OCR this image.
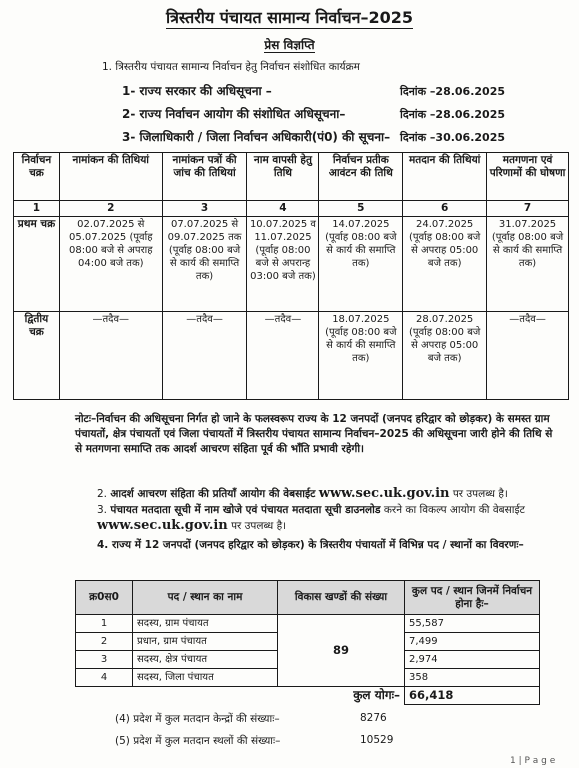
त्रिस्तरीय पंचायत सामान्य निर्वाचन–2025
प्रेस विज्ञप्ति
1. त्रिस्तरीय पंचायत सामान्य निर्वाचन हेतु निर्वाचन संशोधित कार्यक्रम
1- राज्य सरकार की अधिसूचना –	दिनांक –28.06.2025
2- राज्य निर्वाचन आयोग की संशोधित अधिसूचना–	दिनांक –28.06.2025
3- जिलाधिकारी / जिला निर्वाचन अधिकारी(पं0) की सूचना– दिनांक –30.06.2025
निर्वाचन चक्र	नामांकन की तिथियां	नामांकन पत्रों की जांच की तिथियां	नाम वापसी हेतु तिथि	निर्वाचन प्रतीक आवंटन की तिथि	मतदान की तिथियां	मतगणना एवं परिणामों की घोषणा
1	2	3	4	5	6	7
प्रथम चक्र	02.07.2025 से 05.07.2025 (पूर्वाह 08:00 बजे से अपराह 04:00 बजे तक)	07.07.2025 से 09.07.2025 तक (पूर्वाह 08:00 बजे से कार्य की समाप्ति तक)	10.07.2025 व 11.07.2025 (पूर्वाह 08:00 बजे से अपरान्ह 03:00 बजे तक)	14.07.2025 (पूर्वाह 08:00 बजे से कार्य की समाप्ति तक)	24.07.2025 (पूर्वाह 08:00 बजे से अपराह 05:00 बजे तक)	31.07.2025 (पूर्वाह 08:00 बजे से कार्य की समाप्ति तक)
द्वितीय चक्र	—तदैव—	—तदैव—	—तदैव—	18.07.2025 (पूर्वाह 08:00 बजे से कार्य की समाप्ति तक)	28.07.2025 (पूर्वाह 08:00 बजे से अपराह 05:00 बजे तक)	—तदैव—
नोटः–निर्वाचन की अधिसूचना निर्गत हो जाने के फलस्वरूप राज्य के 12 जनपदों (जनपद हरिद्वार को छोड़कर) के समस्त ग्राम पंचायतों, क्षेत्र पंचायतों एवं जिला पंचायतों में त्रिस्तरीय पंचायत सामान्य निर्वाचन–2025 की अधिसूचना जारी होने की तिथि से से मतगणना समाप्ति तक आदर्श आचरण संहिता पूर्व की भाँति प्रभावी रहेगी।
2. आदर्श आचरण संहिता की प्रतियाँ आयोग की वेबसाईट www.sec.uk.gov.in पर उपलब्ध है।
3. पंचायत मतदाता सूची में नाम खोजे एवं पंचायत मतदाता सूची डाउनलोड करने का विकल्प आयोग की वेबसाईट www.sec.uk.gov.in पर उपलब्ध है।
4. राज्य में 12 जनपदों (जनपद हरिद्वार को छोड़कर) के त्रिस्तरीय पंचायतों में विभिन्न पद / स्थानों का विवरणः–
क्र0स0	पद / स्थान का नाम	विकास खण्डों की संख्या	कुल पद / स्थान जिनमें निर्वाचन होना हैः–
1	सदस्य, ग्राम पंचायत	89	55,587
2	प्रधान, ग्राम पंचायत		7,499
3	सदस्य, क्षेत्र पंचायत		2,974
4	सदस्य, जिला पंचायत		358
कुल योगः–			66,418
(4) प्रदेश में कुल मतदान केन्द्रों की संख्याः–	8276
(5) प्रदेश में कुल मतदान स्थलों की संख्याः–	10529
1 | P a g e
